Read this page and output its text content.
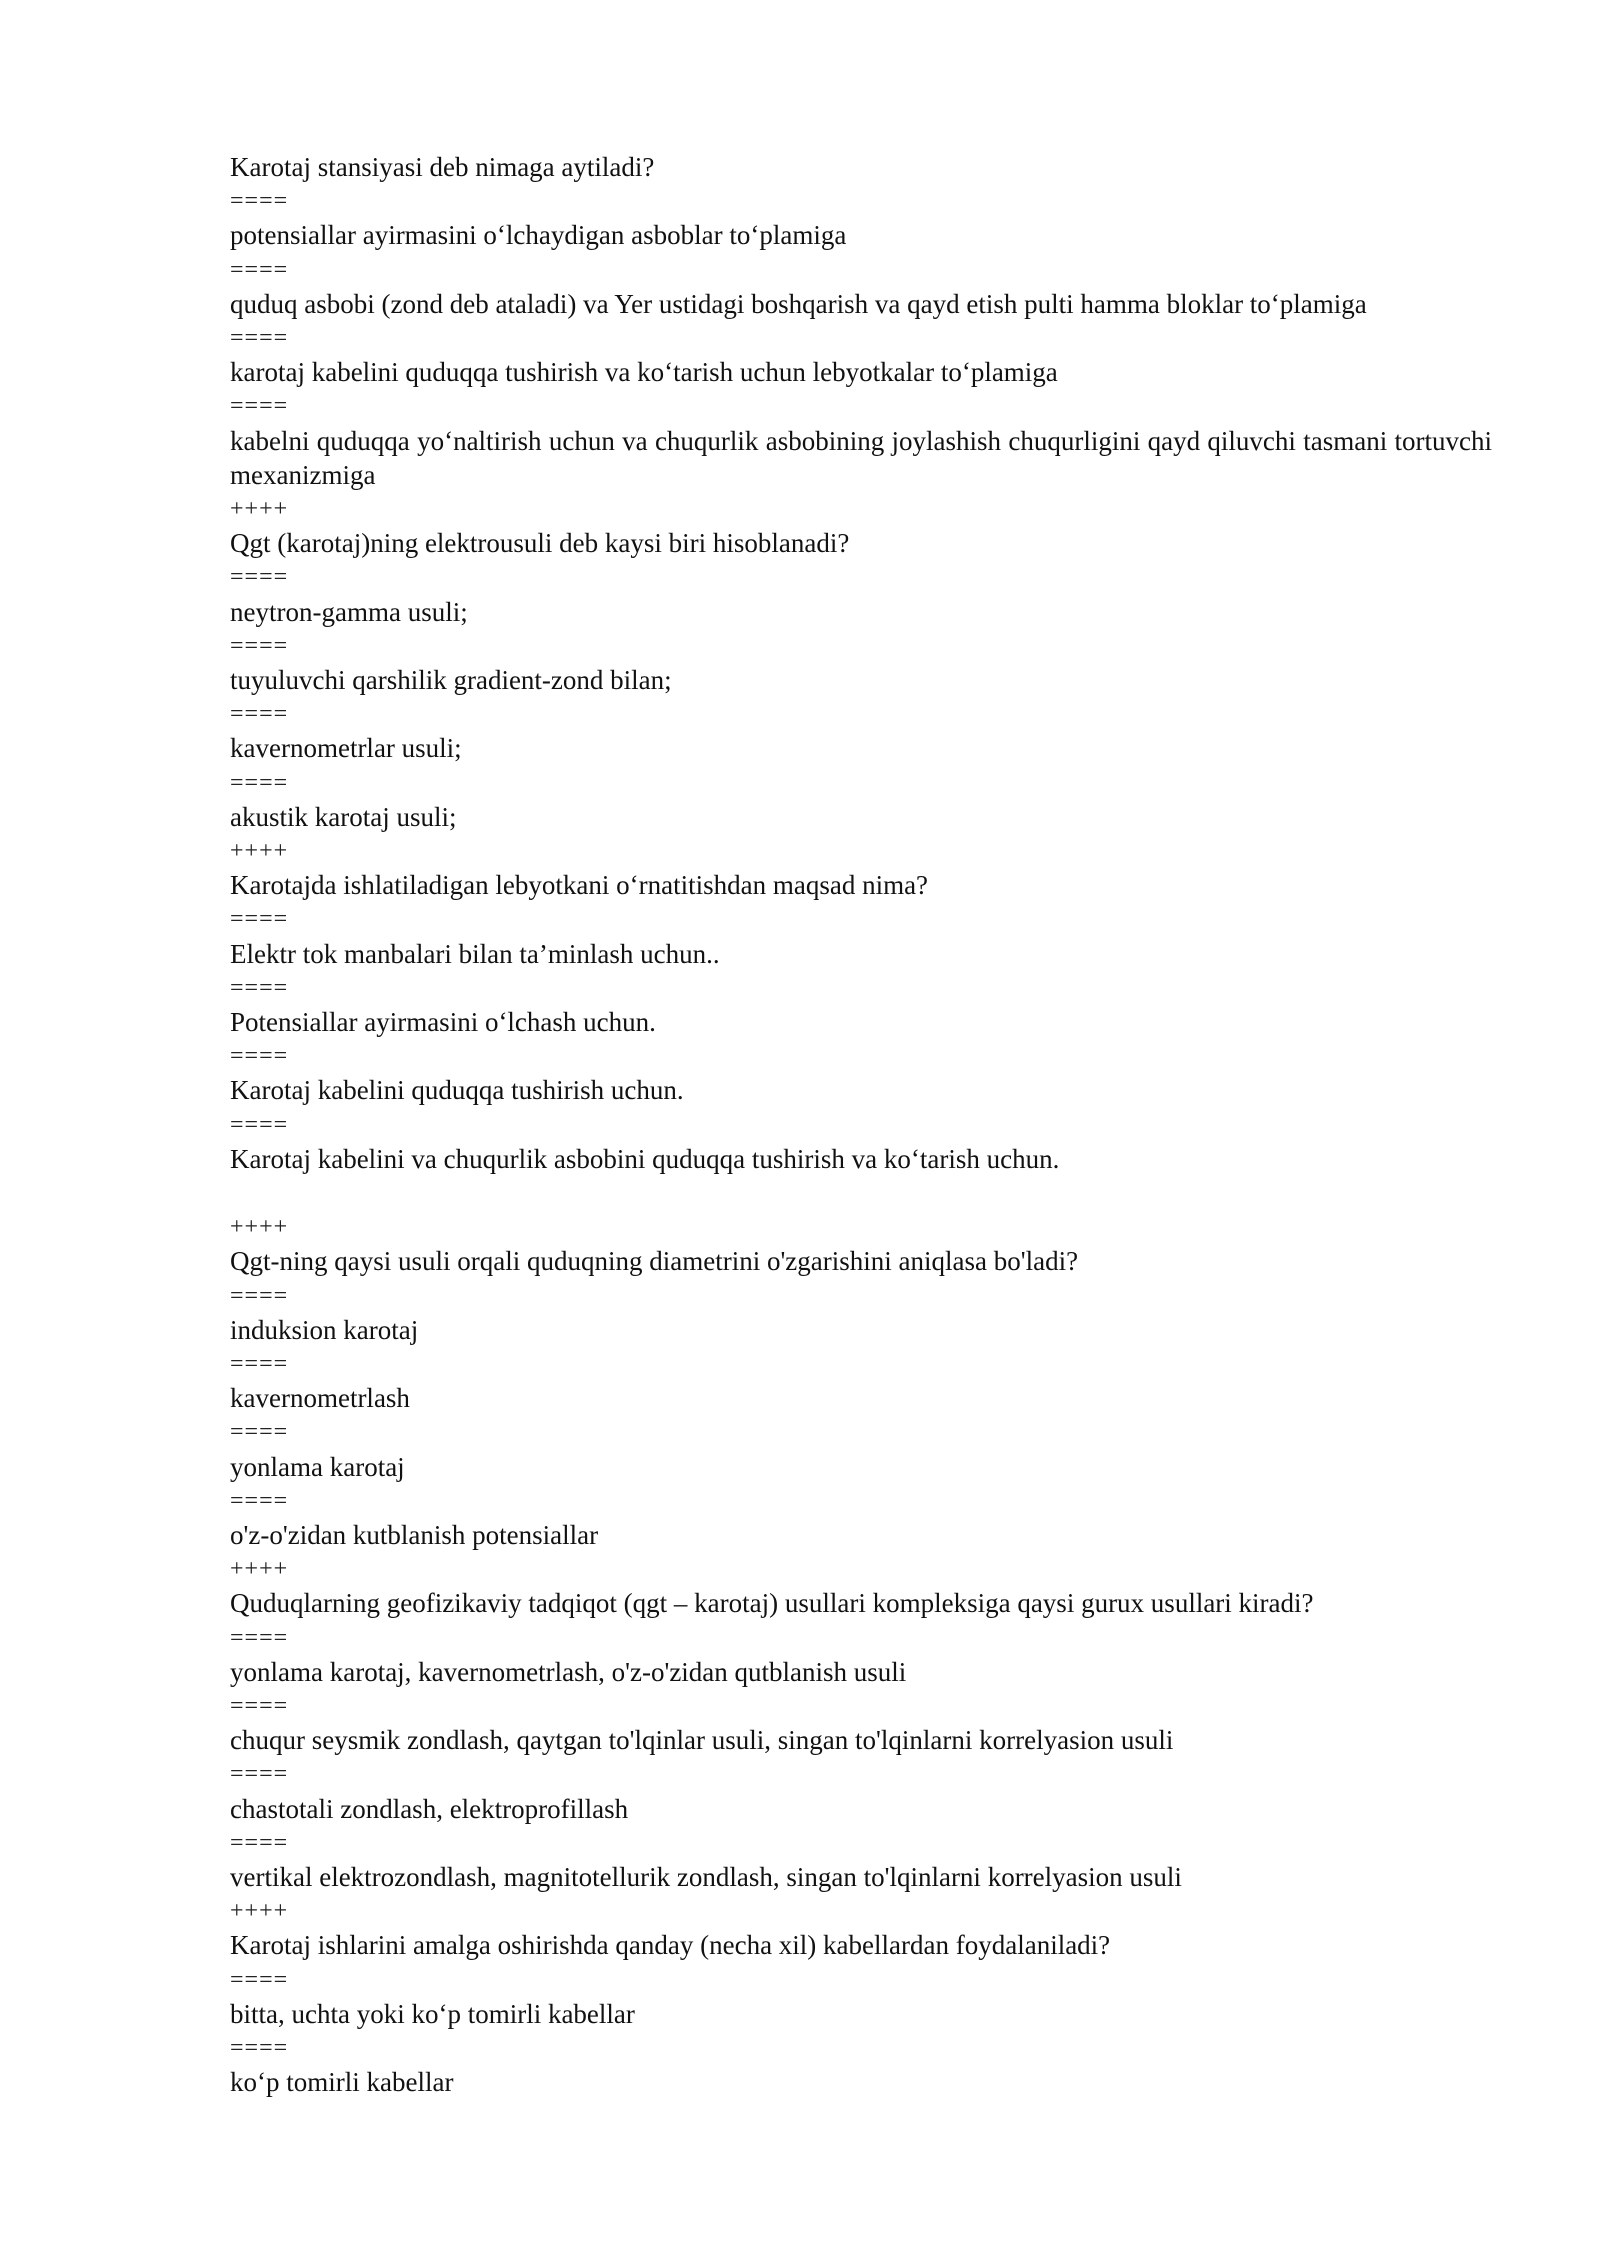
Karotaj stansiyasi deb nimaga aytiladi?

====

potensiallar ayirmasini o‘lchaydigan asboblar to‘plamiga

====

quduq asbobi (zond deb ataladi) va Yer ustidagi boshqarish va qayd etish pulti hamma bloklar to‘plamiga

====

karotaj kabelini quduqqa tushirish va ko‘tarish uchun lebyotkalar to‘plamiga

====

kabelni quduqqa yo‘naltirish uchun va chuqurlik asbobining joylashish chuqurligini qayd qiluvchi tasmani tortuvchi mexanizmiga

++++

Qgt (karotaj)ning elektrousuli deb kaysi biri hisoblanadi?

====

neytron-gamma usuli;

====

tuyuluvchi qarshilik gradient-zond bilan;

====

kavernometrlar usuli;

====

akustik karotaj usuli;

++++

Karotajda ishlatiladigan lebyotkani o‘rnatitishdan maqsad nima?

====

Elektr tok manbalari bilan ta’minlash uchun..

====

Potensiallar ayirmasini o‘lchash uchun.

====

Karotaj kabelini quduqqa tushirish uchun.

====

Karotaj kabelini va chuqurlik asbobini quduqqa tushirish va ko‘tarish uchun.

++++

Qgt-ning qaysi usuli orqali quduqning diametrini o'zgarishini aniqlasa bo'ladi?

====

induksion karotaj

====

kavernometrlash

====

yonlama karotaj

====

o'z-o'zidan kutblanish potensiallar

++++

Quduqlarning geofizikaviy tadqiqot (qgt – karotaj) usullari kompleksiga qaysi gurux usullari kiradi?

====

yonlama karotaj, kavernometrlash, o'z-o'zidan qutblanish usuli

====

chuqur seysmik zondlash, qaytgan to'lqinlar usuli, singan to'lqinlarni korrelyasion usuli

====

chastotali zondlash, elektroprofillash

====

vertikal elektrozondlash, magnitotellurik zondlash, singan to'lqinlarni korrelyasion usuli

++++

Karotaj ishlarini amalga oshirishda qanday (necha xil) kabellardan foydalaniladi?

====

bitta, uchta yoki ko‘p tomirli kabellar

====

ko‘p tomirli kabellar
